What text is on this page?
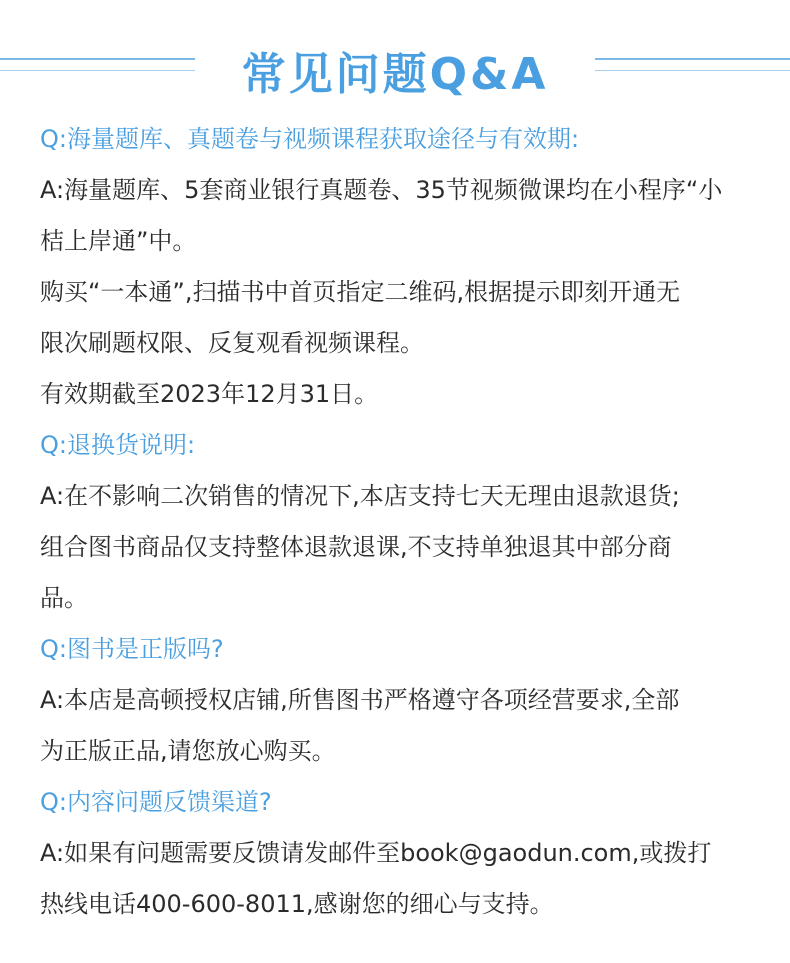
常见问题Q&A
Q:海量题库、真题卷与视频课程获取途径与有效期:
A:海量题库、5套商业银行真题卷、35节视频微课均在小程序“小
桔上岸通”中。
购买“一本通”,扫描书中首页指定二维码,根据提示即刻开通无
限次刷题权限、反复观看视频课程。
有效期截至2023年12月31日。
Q:退换货说明:
A:在不影响二次销售的情况下,本店支持七天无理由退款退货;
组合图书商品仅支持整体退款退课,不支持单独退其中部分商
品。
Q:图书是正版吗?
A:本店是高顿授权店铺,所售图书严格遵守各项经营要求,全部
为正版正品,请您放心购买。
Q:内容问题反馈渠道?
A:如果有问题需要反馈请发邮件至book@gaodun.com,或拨打
热线电话400-600-8011,感谢您的细心与支持。
